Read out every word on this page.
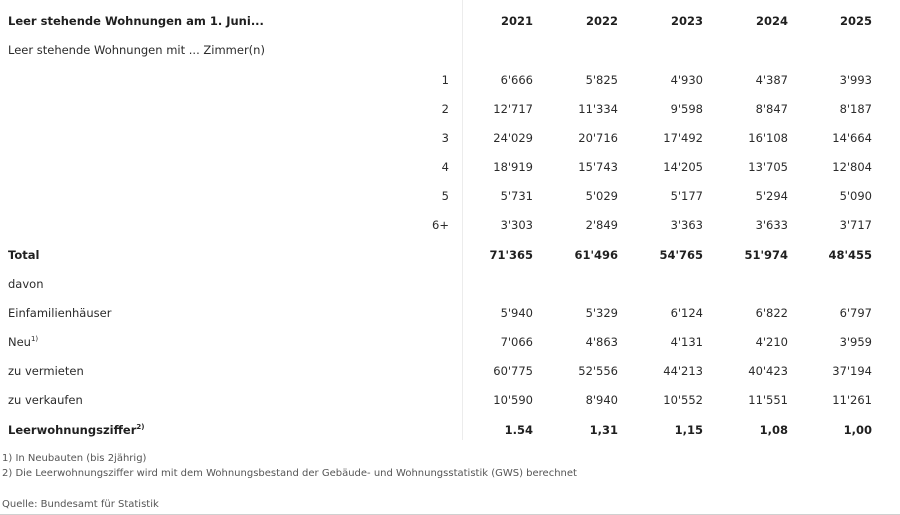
Leer stehende Wohnungen am 1. Juni...	2021	2022	2023	2024	2025
Leer stehende Wohnungen mit ... Zimmer(n)
1	6'666	5'825	4'930	4'387	3'993
2	12'717	11'334	9'598	8'847	8'187
3	24'029	20'716	17'492	16'108	14'664
4	18'919	15'743	14'205	13'705	12'804
5	5'731	5'029	5'177	5'294	5'090
6+	3'303	2'849	3'363	3'633	3'717
Total	71'365	61'496	54'765	51'974	48'455
davon
Einfamilienhäuser	5'940	5'329	6'124	6'822	6'797
Neu$^{1)}$	7'066	4'863	4'131	4'210	3'959
zu vermieten	60'775	52'556	44'213	40'423	37'194
zu verkaufen	10'590	8'940	10'552	11'551	11'261
Leerwohnungsziffer$^{2)}$	1.54	1,31	1,15	1,08	1,00
1) In Neubauten (bis 2jährig)
2) Die Leerwohnungsziffer wird mit dem Wohnungsbestand der Gebäude- und Wohnungsstatistik (GWS) berechnet
Quelle: Bundesamt für Statistik
